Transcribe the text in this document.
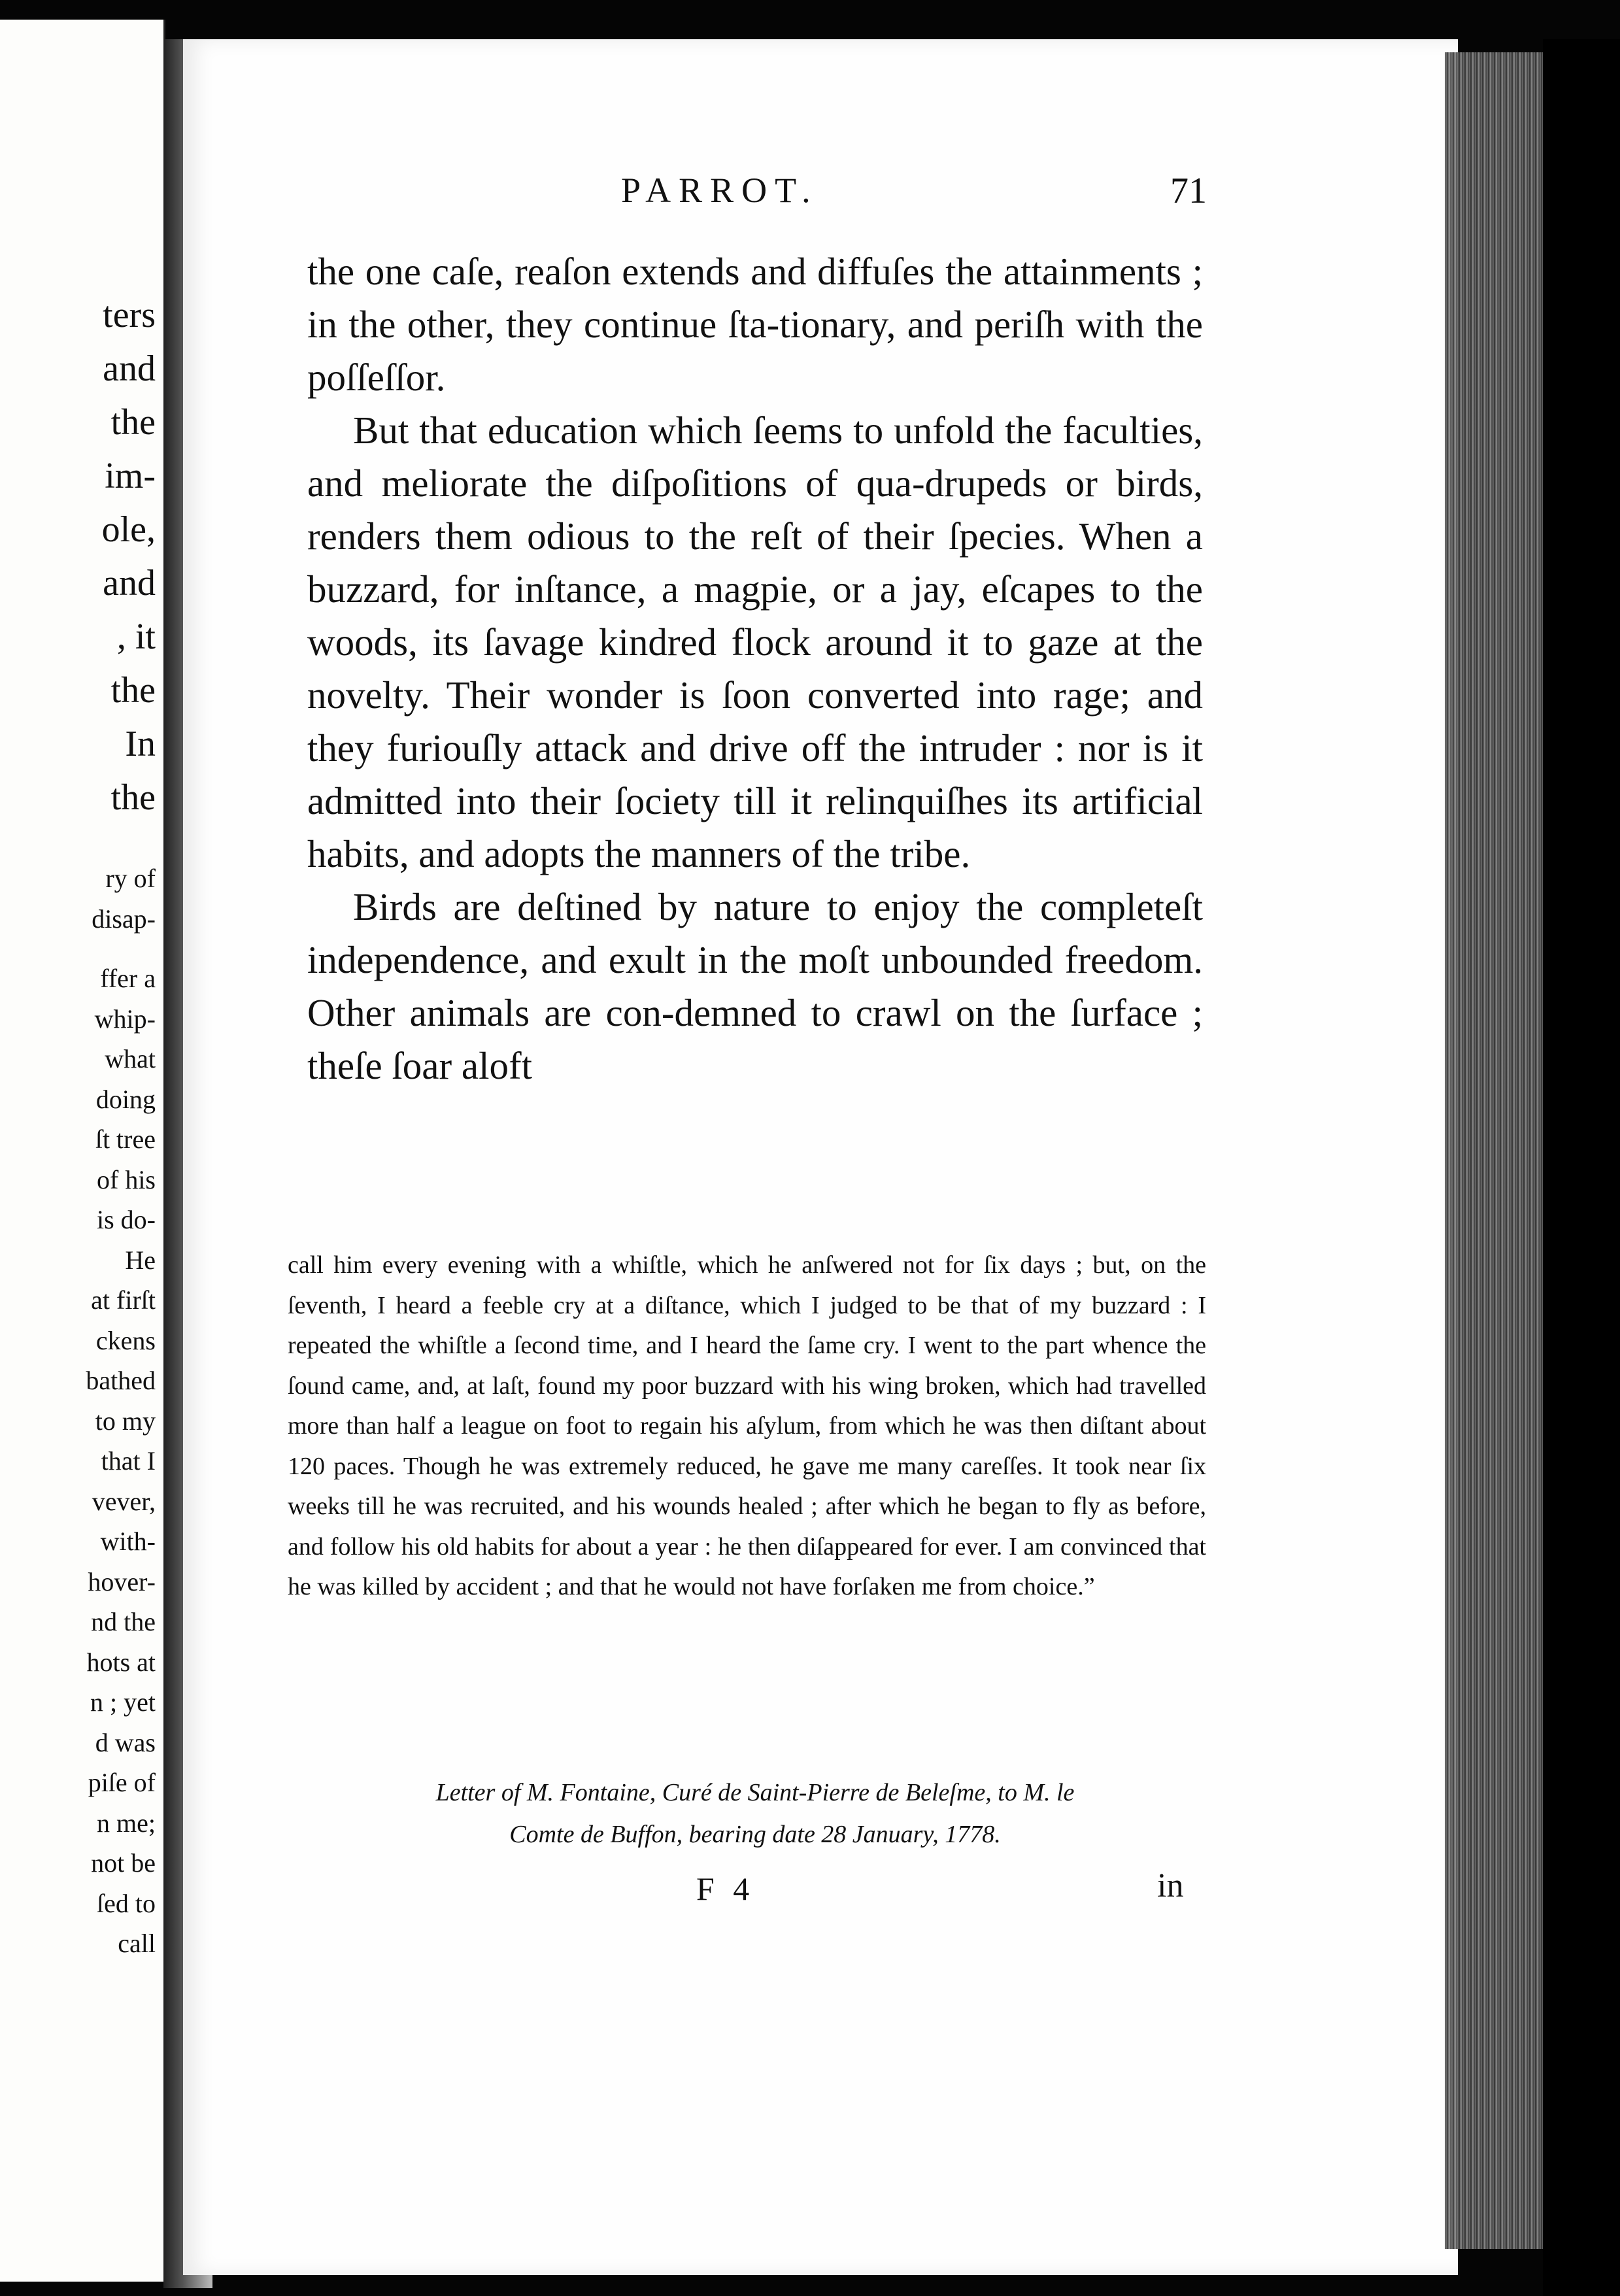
ters
and
the
im-
ole,
and
, it
the
In
the
ry of
disap-
ffer a
whip-
what
doing
ſt tree
of his
is do-
He
at firſt
ckens
bathed
to my
that I
vever,
with-
hover-
nd the
hots at
n ; yet
d was
piſe of
n me;
not be
ſed to
call
PARROT.	71

the one caſe, reaſon extends and diffuſes the attainments ; in the other, they continue ſta-tionary, and periſh with the poſſeſſor.

But that education which ſeems to unfold the faculties, and meliorate the diſpoſitions of qua-drupeds or birds, renders them odious to the reſt of their ſpecies. When a buzzard, for inſtance, a magpie, or a jay, eſcapes to the woods, its ſavage kindred flock around it to gaze at the novelty. Their wonder is ſoon converted into rage; and they furiouſly attack and drive off the intruder : nor is it admitted into their ſociety till it relinquiſhes its artificial habits, and adopts the manners of the tribe.

Birds are deſtined by nature to enjoy the completeſt independence, and exult in the moſt unbounded freedom. Other animals are con-demned to crawl on the ſurface ; theſe ſoar aloft

call him every evening with a whiſtle, which he anſwered not for ſix days ; but, on the ſeventh, I heard a feeble cry at a diſtance, which I judged to be that of my buzzard : I repeated the whiſtle a ſecond time, and I heard the ſame cry. I went to the part whence the ſound came, and, at laſt, found my poor buzzard with his wing broken, which had travelled more than half a league on foot to regain his aſylum, from which he was then diſtant about 120 paces. Though he was extremely reduced, he gave me many careſſes. It took near ſix weeks till he was recruited, and his wounds healed ; after which he began to fly as before, and follow his old habits for about a year : he then diſappeared for ever. I am convinced that he was killed by accident ; and that he would not have forſaken me from choice.”

Letter of M. Fontaine, Curé de Saint-Pierre de Beleſme, to M. le
Comte de Buffon, bearing date 28 January, 1778.
F 4	in
